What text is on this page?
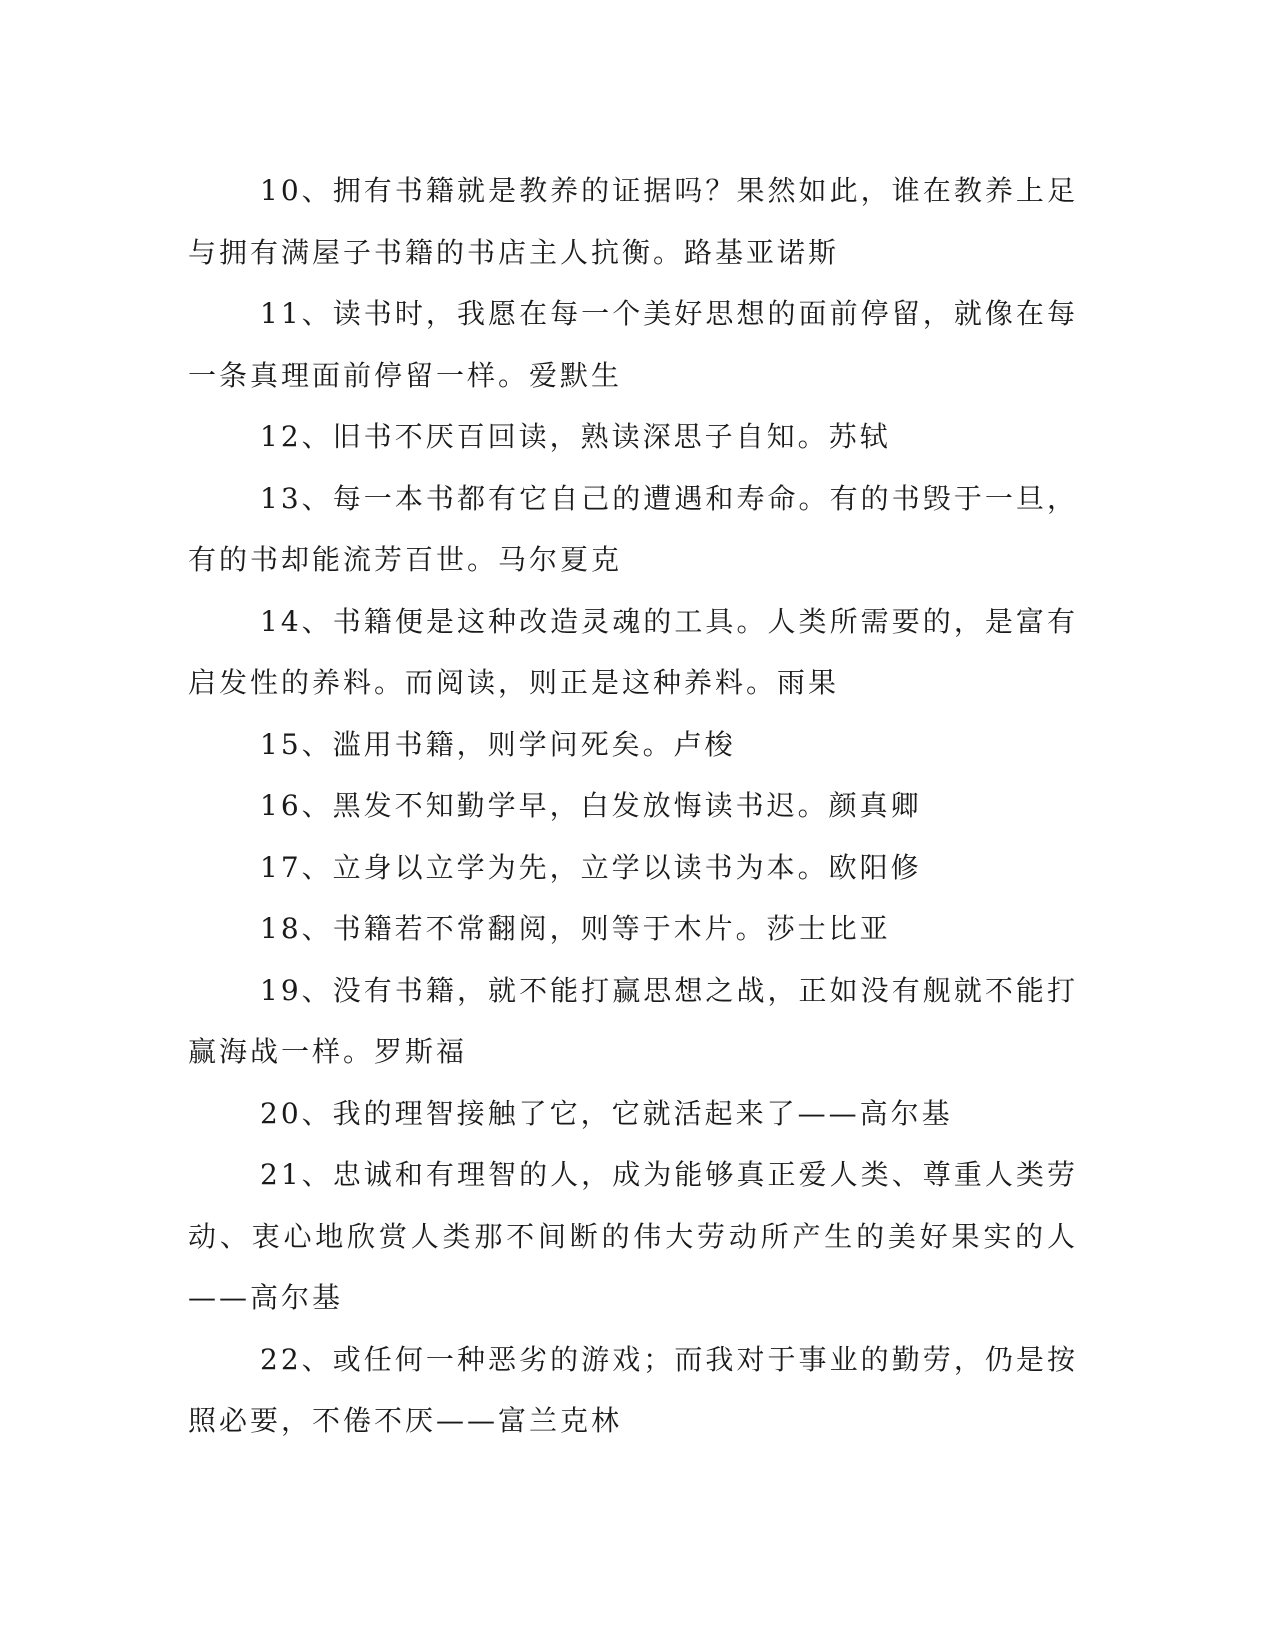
10、拥有书籍就是教养的证据吗？果然如此，谁在教养上足与拥有满屋子书籍的书店主人抗衡。路基亚诺斯

11、读书时，我愿在每一个美好思想的面前停留，就像在每一条真理面前停留一样。爱默生

12、旧书不厌百回读，熟读深思子自知。苏轼

13、每一本书都有它自己的遭遇和寿命。有的书毁于一旦，有的书却能流芳百世。马尔夏克

14、书籍便是这种改造灵魂的工具。人类所需要的，是富有启发性的养料。而阅读，则正是这种养料。雨果

15、滥用书籍，则学问死矣。卢梭

16、黑发不知勤学早，白发放悔读书迟。颜真卿

17、立身以立学为先，立学以读书为本。欧阳修

18、书籍若不常翻阅，则等于木片。莎士比亚

19、没有书籍，就不能打赢思想之战，正如没有舰就不能打赢海战一样。罗斯福

20、我的理智接触了它，它就活起来了——高尔基

21、忠诚和有理智的人，成为能够真正爱人类、尊重人类劳动、衷心地欣赏人类那不间断的伟大劳动所产生的美好果实的人——高尔基

22、或任何一种恶劣的游戏；而我对于事业的勤劳，仍是按照必要，不倦不厌——富兰克林
